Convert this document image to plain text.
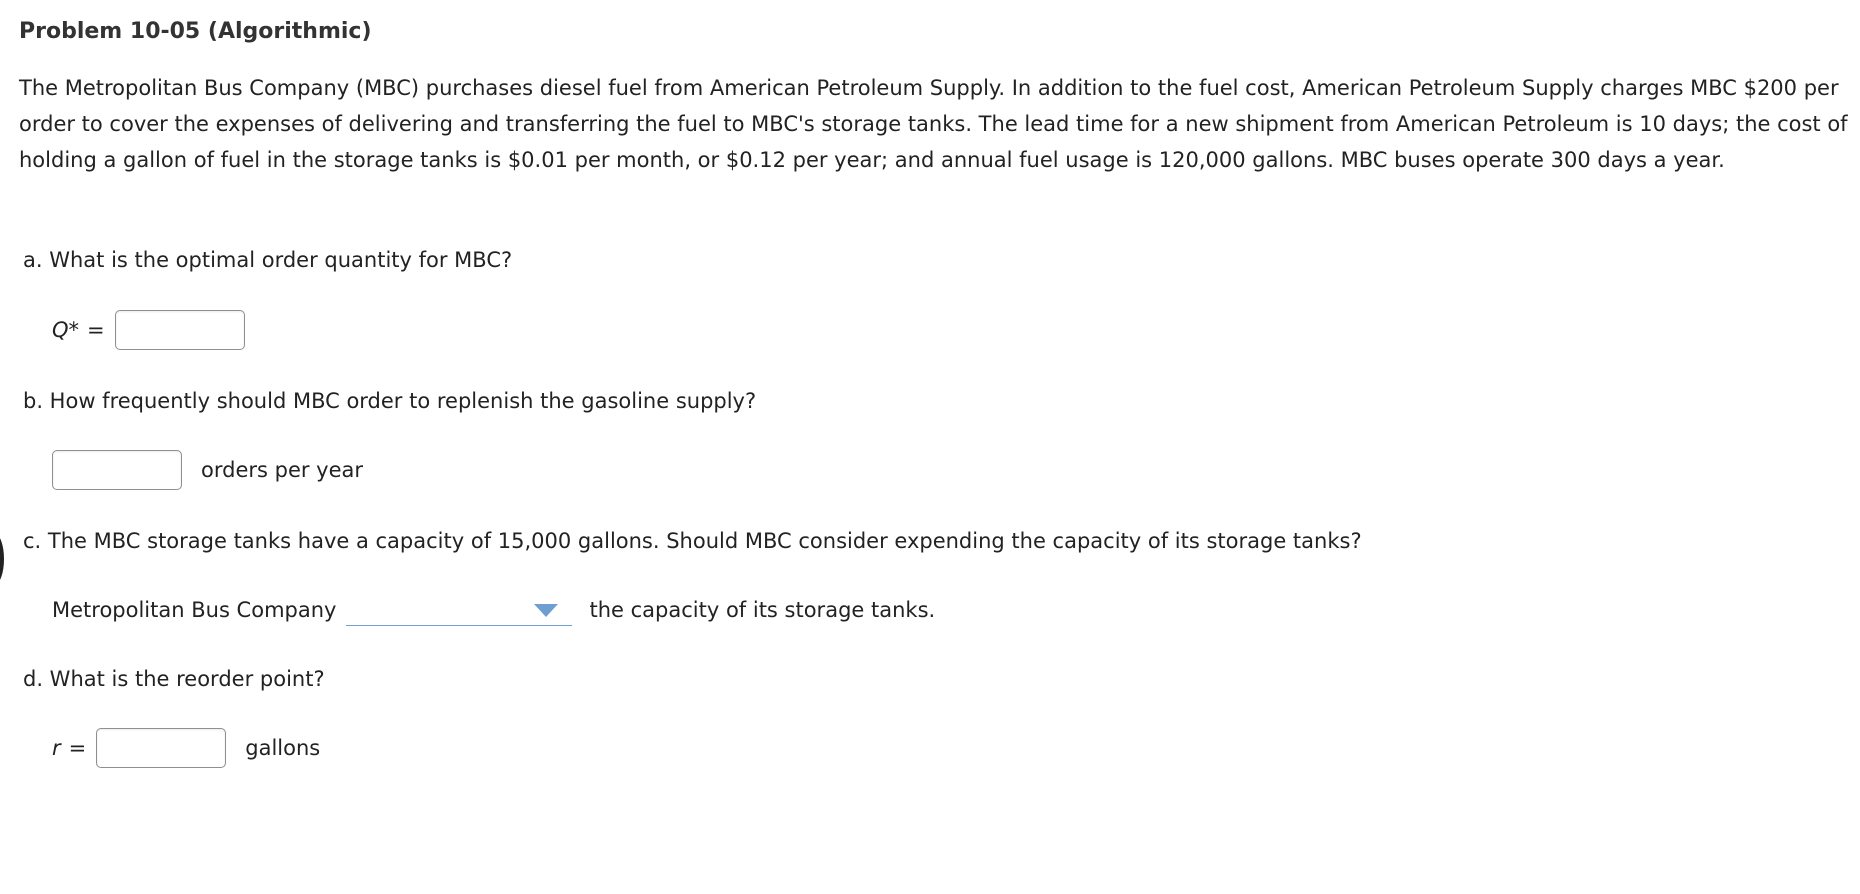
Problem 10-05 (Algorithmic)
The Metropolitan Bus Company (MBC) purchases diesel fuel from American Petroleum Supply. In addition to the fuel cost, American Petroleum Supply charges MBC $200 per order to cover the expenses of delivering and transferring the fuel to MBC's storage tanks. The lead time for a new shipment from American Petroleum is 10 days; the cost of holding a gallon of fuel in the storage tanks is $0.01 per month, or $0.12 per year; and annual fuel usage is 120,000 gallons. MBC buses operate 300 days a year.
a. What is the optimal order quantity for MBC?
Q* =
b. How frequently should MBC order to replenish the gasoline supply?
orders per year
c. The MBC storage tanks have a capacity of 15,000 gallons. Should MBC consider expending the capacity of its storage tanks?
Metropolitan Bus Company	the capacity of its storage tanks.
d. What is the reorder point?
r =	gallons
